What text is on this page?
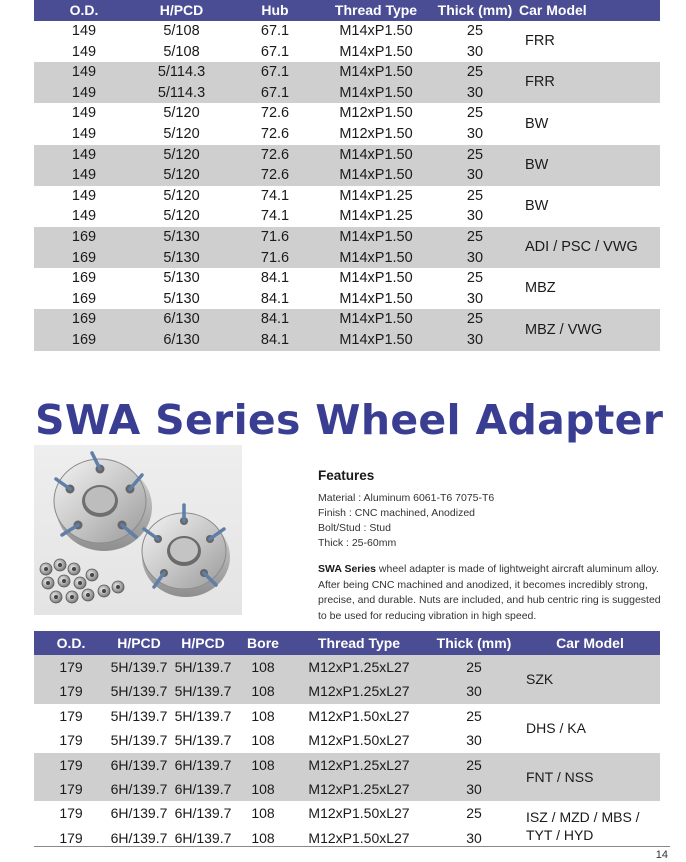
O.D.	H/PCD	Hub	Thread Type	Thick (mm)	Car Model
149	5/108	67.1	M14xP1.50	25	FRR
149	5/108	67.1	M14xP1.50	30	
149	5/114.3	67.1	M14xP1.50	25	FRR
149	5/114.3	67.1	M14xP1.50	30	
149	5/120	72.6	M12xP1.50	25	BW
149	5/120	72.6	M12xP1.50	30	
149	5/120	72.6	M14xP1.50	25	BW
149	5/120	72.6	M14xP1.50	30	
149	5/120	74.1	M14xP1.25	25	BW
149	5/120	74.1	M14xP1.25	30	
169	5/130	71.6	M14xP1.50	25	ADI / PSC / VWG
169	5/130	71.6	M14xP1.50	30	
169	5/130	84.1	M14xP1.50	25	MBZ
169	5/130	84.1	M14xP1.50	30	
169	6/130	84.1	M14xP1.50	25	MBZ / VWG
169	6/130	84.1	M14xP1.50	30	
SWA Series Wheel Adapter
Features
Material : Aluminum 6061-T6 7075-T6
Finish : CNC machined, Anodized
Bolt/Stud : Stud
Thick : 25-60mm

SWA Series wheel adapter is made of lightweight aircraft aluminum alloy. After being CNC machined and anodized, it becomes incredibly strong, precise, and durable. Nuts are included, and hub centric ring is suggested to be used for reducing vibration in high speed.

O.D.	H/PCD	H/PCD	Bore	Thread Type	Thick (mm)	Car Model
179	5H/139.7	5H/139.7	108	M12xP1.25xL27	25	SZK
179	5H/139.7	5H/139.7	108	M12xP1.25xL27	30	
179	5H/139.7	5H/139.7	108	M12xP1.50xL27	25	DHS / KA
179	5H/139.7	5H/139.7	108	M12xP1.50xL27	30	
179	6H/139.7	6H/139.7	108	M12xP1.25xL27	25	FNT / NSS
179	6H/139.7	6H/139.7	108	M12xP1.25xL27	30	
179	6H/139.7	6H/139.7	108	M12xP1.50xL27	25	ISZ / MZD / MBS / TYT / HYD
179	6H/139.7	6H/139.7	108	M12xP1.50xL27	30	
14
